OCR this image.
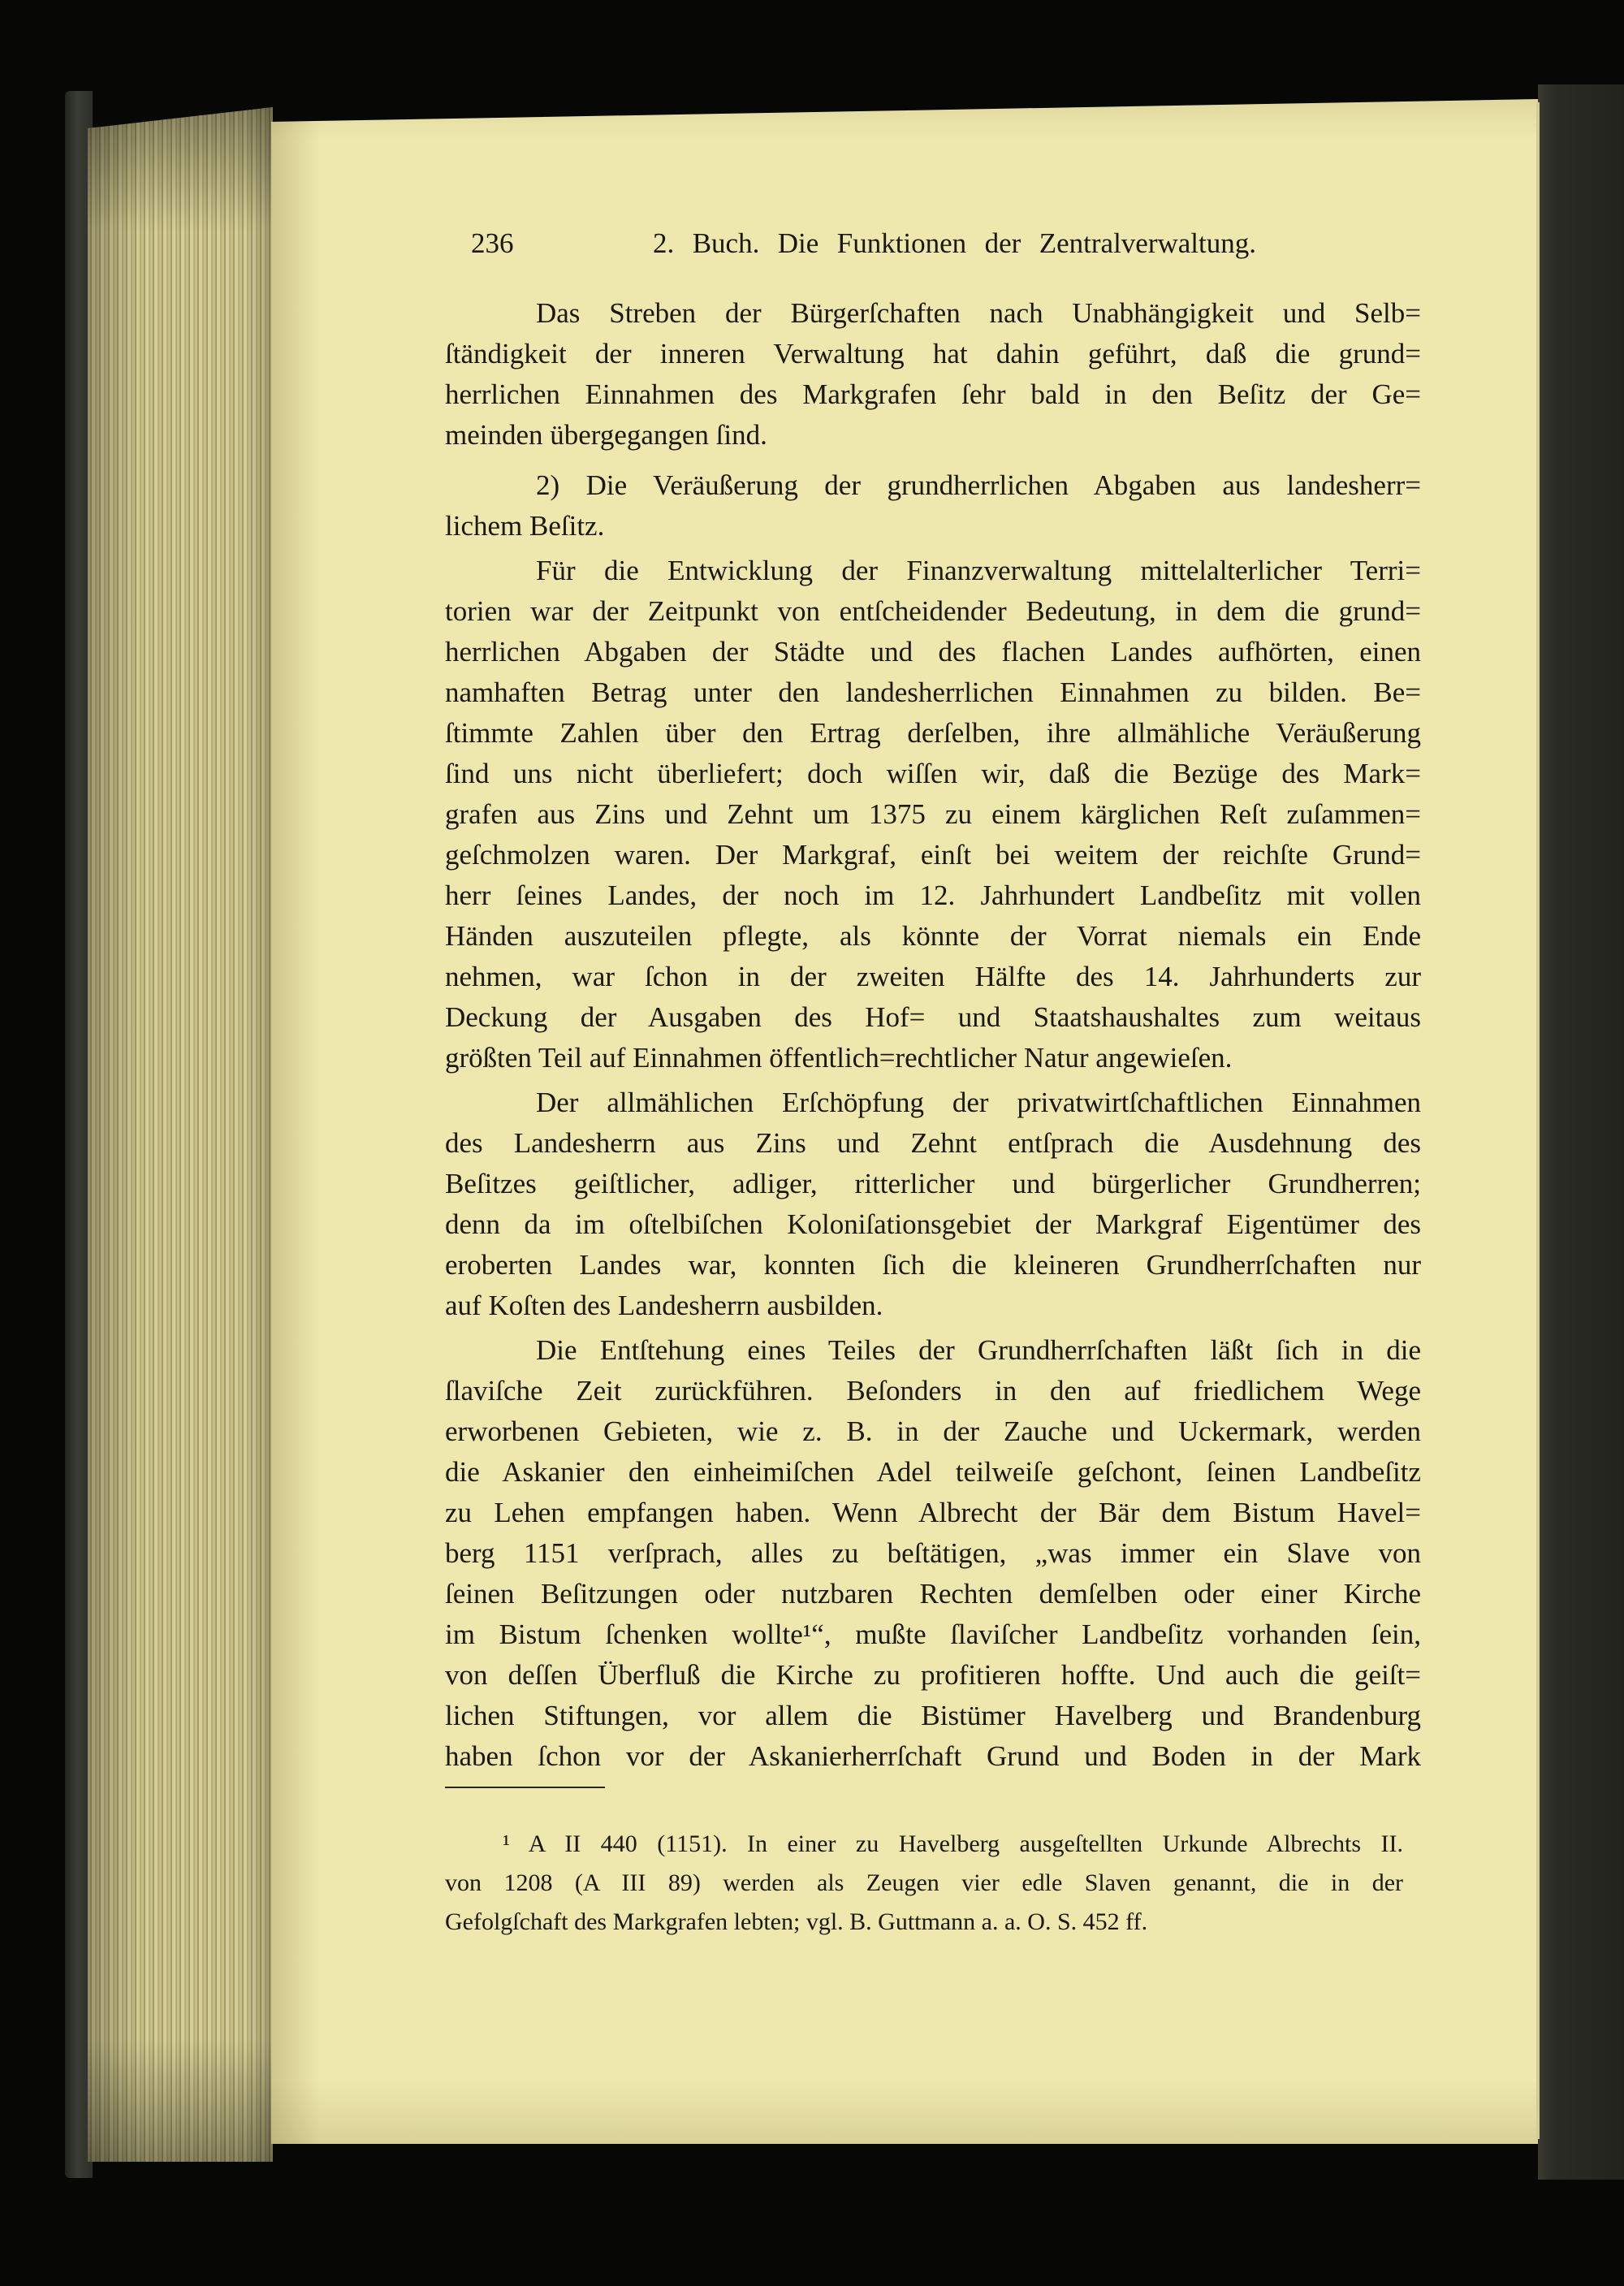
236	2. Buch. Die Funktionen der Zentralverwaltung.
Das Streben der Bürgerſchaften nach Unabhängigkeit und Selb=
ſtändigkeit der inneren Verwaltung hat dahin geführt, daß die grund=
herrlichen Einnahmen des Markgrafen ſehr bald in den Beſitz der Ge=
meinden übergegangen ſind.
2) Die Veräußerung der grundherrlichen Abgaben aus landesherr=
lichem Beſitz.
Für die Entwicklung der Finanzverwaltung mittelalterlicher Terri=
torien war der Zeitpunkt von entſcheidender Bedeutung, in dem die grund=
herrlichen Abgaben der Städte und des flachen Landes aufhörten, einen
namhaften Betrag unter den landesherrlichen Einnahmen zu bilden. Be=
ſtimmte Zahlen über den Ertrag derſelben, ihre allmähliche Veräußerung
ſind uns nicht überliefert; doch wiſſen wir, daß die Bezüge des Mark=
grafen aus Zins und Zehnt um 1375 zu einem kärglichen Reſt zuſammen=
geſchmolzen waren. Der Markgraf, einſt bei weitem der reichſte Grund=
herr ſeines Landes, der noch im 12. Jahrhundert Landbeſitz mit vollen
Händen auszuteilen pflegte, als könnte der Vorrat niemals ein Ende
nehmen, war ſchon in der zweiten Hälfte des 14. Jahrhunderts zur
Deckung der Ausgaben des Hof= und Staatshaushaltes zum weitaus
größten Teil auf Einnahmen öffentlich=rechtlicher Natur angewieſen.
Der allmählichen Erſchöpfung der privatwirtſchaftlichen Einnahmen
des Landesherrn aus Zins und Zehnt entſprach die Ausdehnung des
Beſitzes geiſtlicher, adliger, ritterlicher und bürgerlicher Grundherren;
denn da im oſtelbiſchen Koloniſationsgebiet der Markgraf Eigentümer des
eroberten Landes war, konnten ſich die kleineren Grundherrſchaften nur
auf Koſten des Landesherrn ausbilden.
Die Entſtehung eines Teiles der Grundherrſchaften läßt ſich in die
ſlaviſche Zeit zurückführen. Beſonders in den auf friedlichem Wege
erworbenen Gebieten, wie z. B. in der Zauche und Uckermark, werden
die Askanier den einheimiſchen Adel teilweiſe geſchont, ſeinen Landbeſitz
zu Lehen empfangen haben. Wenn Albrecht der Bär dem Bistum Havel=
berg 1151 verſprach, alles zu beſtätigen, „was immer ein Slave von
ſeinen Beſitzungen oder nutzbaren Rechten demſelben oder einer Kirche
im Bistum ſchenken wollte¹“, mußte ſlaviſcher Landbeſitz vorhanden ſein,
von deſſen Überfluß die Kirche zu profitieren hoffte. Und auch die geiſt=
lichen Stiftungen, vor allem die Bistümer Havelberg und Brandenburg
haben ſchon vor der Askanierherrſchaft Grund und Boden in der Mark
¹ A II 440 (1151). In einer zu Havelberg ausgeſtellten Urkunde Albrechts II.
von 1208 (A III 89) werden als Zeugen vier edle Slaven genannt, die in der
Gefolgſchaft des Markgrafen lebten; vgl. B. Guttmann a. a. O. S. 452 ff.
